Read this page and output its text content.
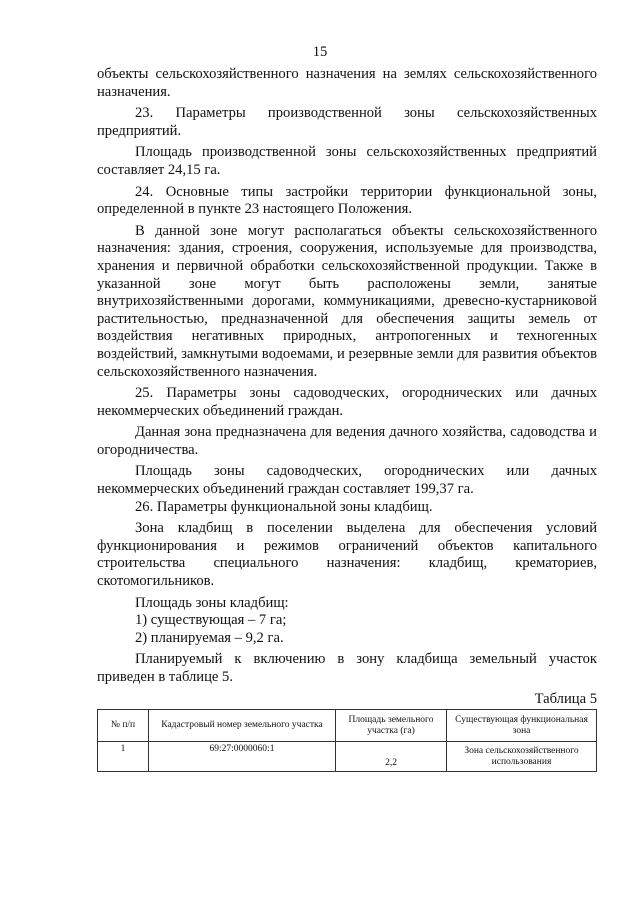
15

объекты сельскохозяйственного назначения на землях сельскохозяйственного назначения.

23. Параметры производственной зоны сельскохозяйственных предприятий.

Площадь производственной зоны сельскохозяйственных предприятий составляет 24,15 га.

24. Основные типы застройки территории функциональной зоны, определенной в пункте 23 настоящего Положения.

В данной зоне могут располагаться объекты сельскохозяйственного назначения: здания, строения, сооружения, используемые для производства, хранения и первичной обработки сельскохозяйственной продукции. Также в указанной зоне могут быть расположены земли, занятые внутрихозяйственными дорогами, коммуникациями, древесно-кустарниковой растительностью, предназначенной для обеспечения защиты земель от воздействия негативных природных, антропогенных и техногенных воздействий, замкнутыми водоемами, и резервные земли для развития объектов сельскохозяйственного назначения.

25. Параметры зоны садоводческих, огороднических или дачных некоммерческих объединений граждан.

Данная зона предназначена для ведения дачного хозяйства, садоводства и огородничества.

Площадь зоны садоводческих, огороднических или дачных некоммерческих объединений граждан составляет 199,37 га.

26. Параметры функциональной зоны кладбищ.

Зона кладбищ в поселении выделена для обеспечения условий функционирования и режимов ограничений объектов капитального строительства специального назначения: кладбищ, крематориев, скотомогильников.

Площадь зоны кладбищ:

1) существующая – 7 га;

2) планируемая – 9,2 га.

Планируемый к включению в зону кладбища земельный участок приведен в таблице 5.

Таблица 5

№ п/п	Кадастровый номер земельного участка	Площадь земельного участка (га)	Существующая функциональная зона
1	69:27:0000060:1	2,2	Зона сельскохозяйственного использования
